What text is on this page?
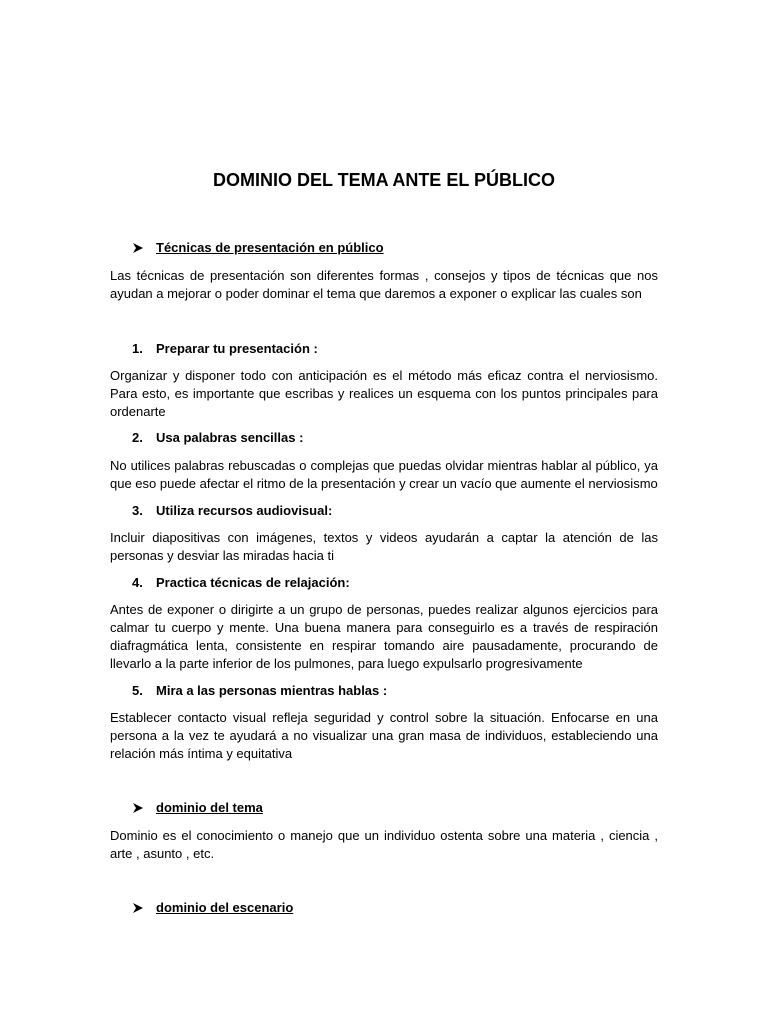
DOMINIO DEL TEMA ANTE EL PÚBLICO
Técnicas de presentación en público

Las técnicas de presentación son diferentes formas , consejos y tipos de técnicas que nos ayudan a mejorar o poder dominar el tema que daremos a exponer o explicar las cuales son

1.	Preparar tu presentación :

Organizar y disponer todo con anticipación es el método más eficaz contra el nerviosismo. Para esto, es importante que escribas y realices un esquema con los puntos principales para ordenarte

2.	Usa palabras sencillas :

No utilices palabras rebuscadas o complejas que puedas olvidar mientras hablar al público, ya que eso puede afectar el ritmo de la presentación y crear un vacío que aumente el nerviosismo

3.	Utiliza recursos audiovisual:

Incluir diapositivas con imágenes, textos y videos ayudarán a captar la atención de las personas y desviar las miradas hacia ti

4.	Practica técnicas de relajación:

Antes de exponer o dirigirte a un grupo de personas, puedes realizar algunos ejercicios para calmar tu cuerpo y mente. Una buena manera para conseguirlo es a través de respiración diafragmática lenta, consistente en respirar tomando aire pausadamente, procurando de llevarlo a la parte inferior de los pulmones, para luego expulsarlo progresivamente

5.	Mira a las personas mientras hablas :

Establecer contacto visual refleja seguridad y control sobre la situación. Enfocarse en una persona a la vez te ayudará a no visualizar una gran masa de individuos, estableciendo una relación más íntima y equitativa

dominio del tema

Dominio es el conocimiento o manejo que un individuo ostenta sobre una materia , ciencia , arte , asunto , etc.

dominio del escenario
